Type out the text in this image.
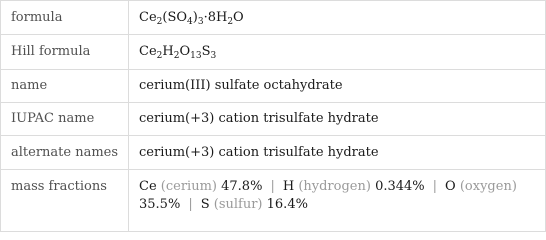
formula	$Ce_2(SO_4)_3\cdot 8H_2O$
Hill formula	$Ce_2H_2O_{13}S_3$
name	cerium(III) sulfate octahydrate
IUPAC name	cerium(+3) cation trisulfate hydrate
alternate names	cerium(+3) cation trisulfate hydrate
mass fractions	Ce (cerium) 47.8% | H (hydrogen) 0.344% | O (oxygen)
35.5% | S (sulfur) 16.4%
